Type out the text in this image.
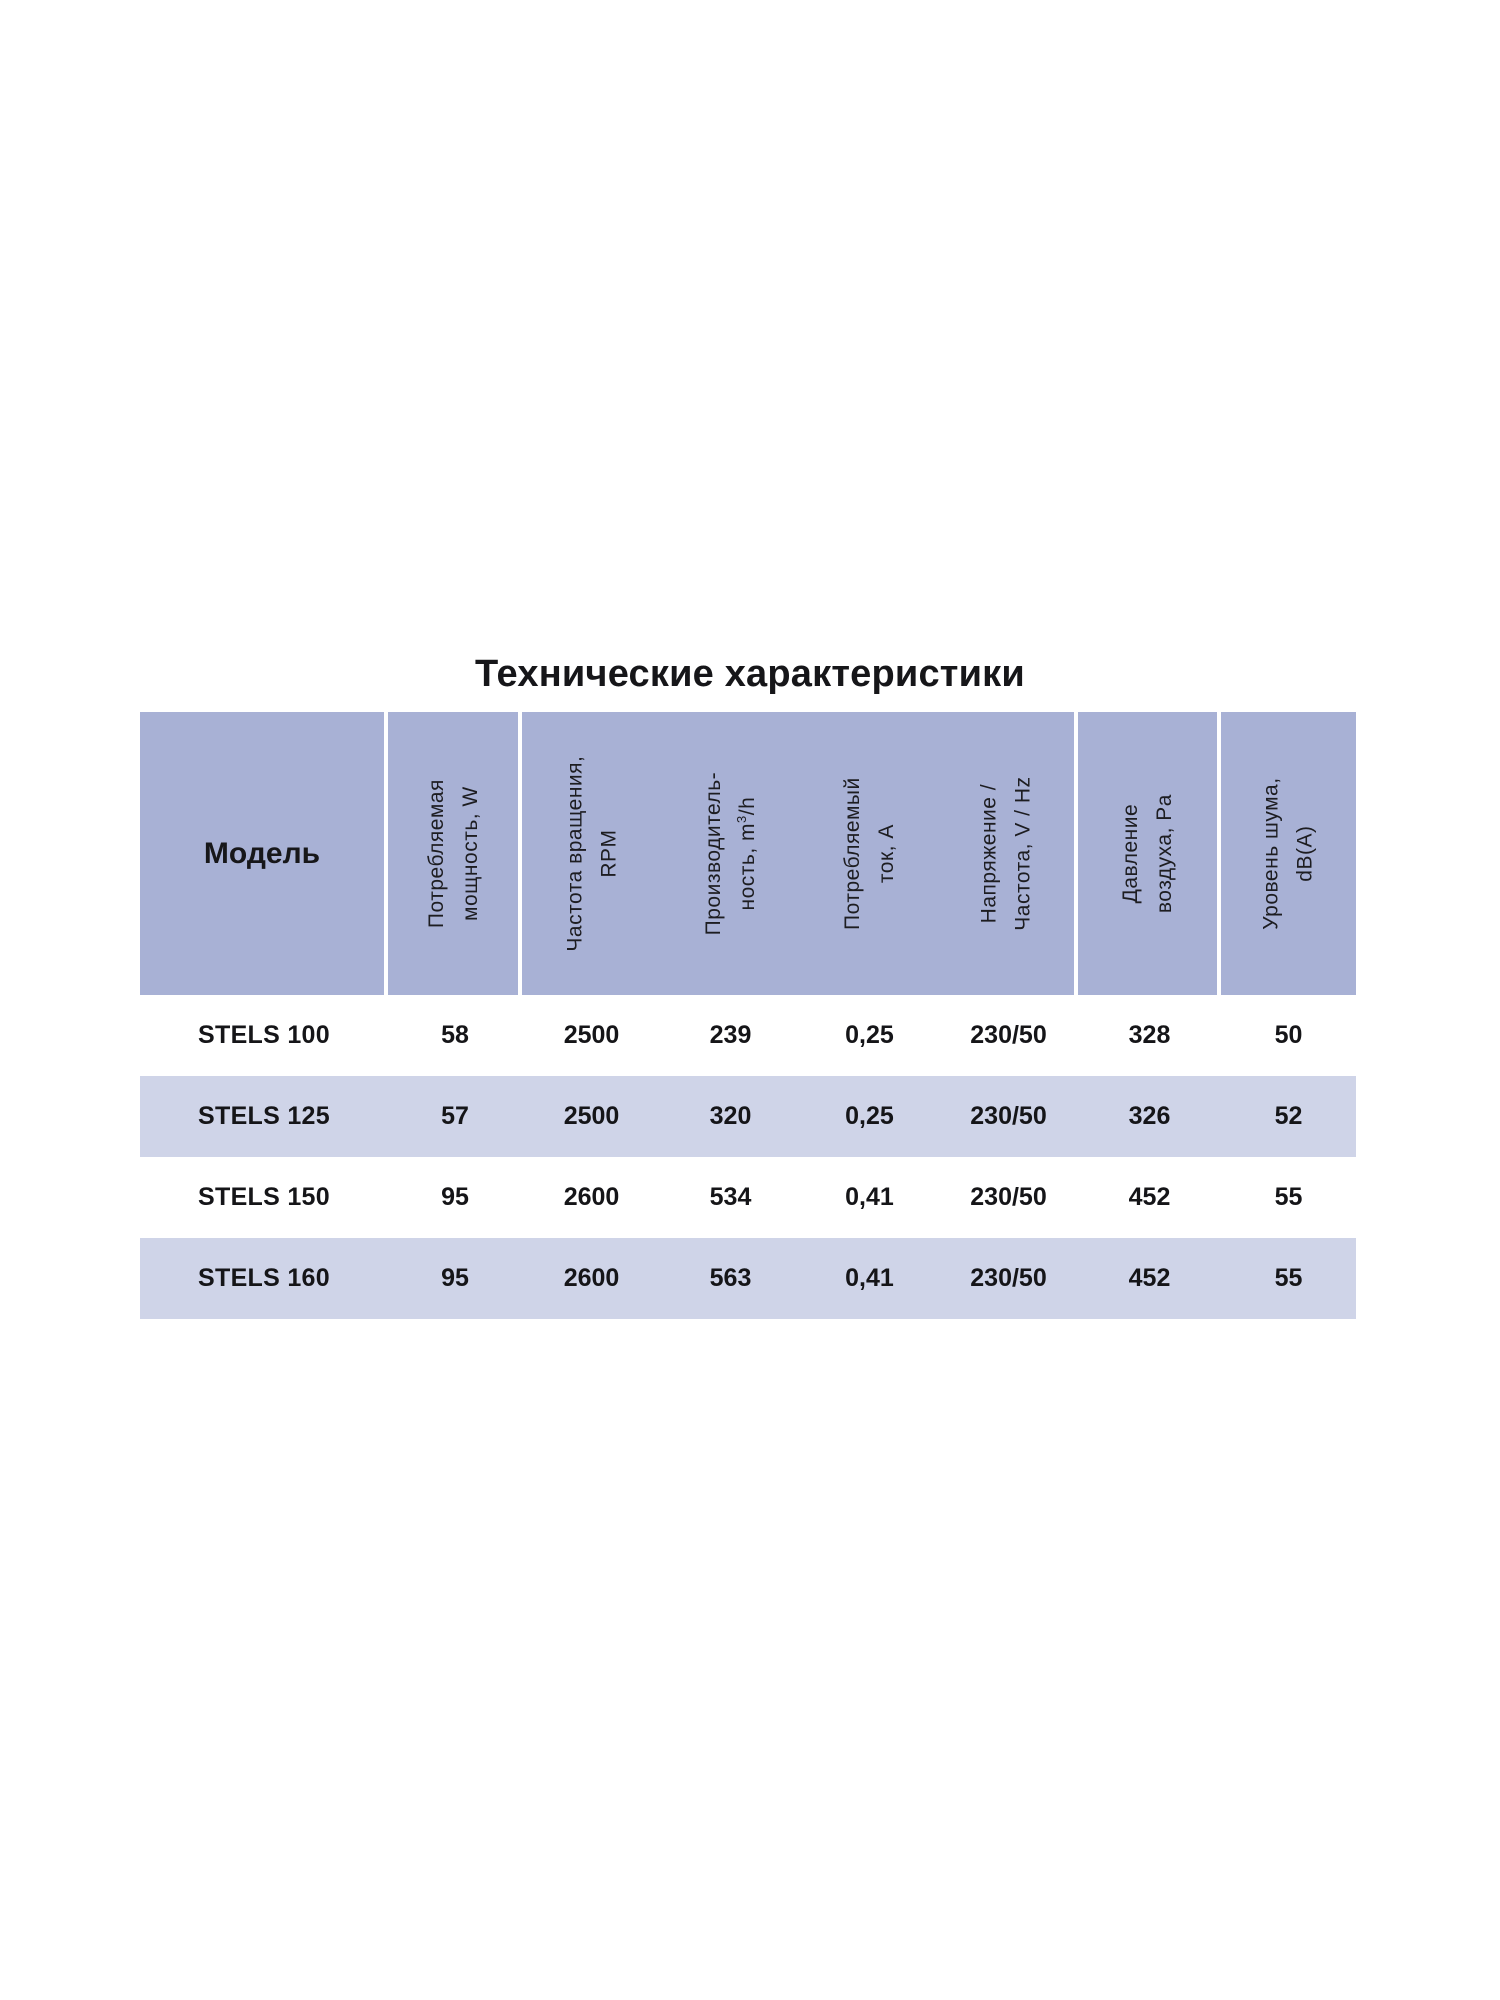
Технические характеристики
Модель	Потребляемая мощность, W	Частота вращения, RPM	Производитель- ность, $m^3/h$	Потребляемый ток, А	Напряжение / Частота, V / Hz	Давление воздуха, Pa	Уровень шума, dB(A)
STELS 100	58	2500	239	0,25	230/50	328	50
STELS 125	57	2500	320	0,25	230/50	326	52
STELS 150	95	2600	534	0,41	230/50	452	55
STELS 160	95	2600	563	0,41	230/50	452	55
